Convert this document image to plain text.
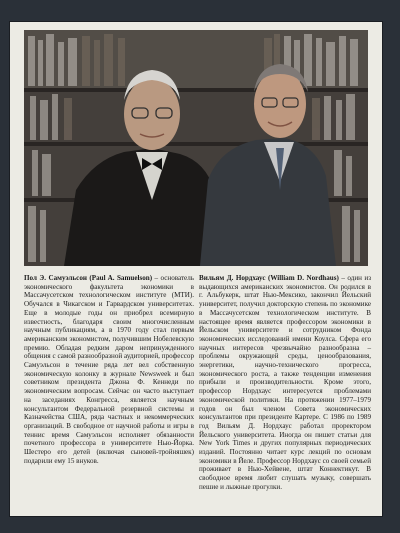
Пол Э. Самуэльсон (Paul A. Samuelson) – основатель экономического факультета экономики в Массачусетском технологическом институте (МТИ). Обучался в Чикагском и Гарвардском университетах. Еще в молодые годы он приобрел всемирную известность, благодаря своим многочисленным научным публикациям, а в 1970 году стал первым американским экономистом, получившим Нобелевскую премию. Обладая редким даром непринужденного общения с самой разнообразной аудиторией, профессор Самуэльсон в течение ряда лет вел собственную экономическую колонку в журнале Newsweek и был советником президента Джона Ф. Кеннеди по экономическим вопросам. Сейчас он часто выступает на заседаниях Конгресса, является научным консультантом Федеральной резервной системы и Казначейства США, ряда частных и некоммерческих организаций. В свободное от научной работы и игры в теннис время Самуэльсон исполняет обязанности почетного профессора в университете Нью-Йорка. Шестеро его детей (включая сыновей-тройняшек) подарили ему 15 внуков.

Вильям Д. Нордхаус (William D. Nordhaus) – один из выдающихся американских экономистов. Он родился в г. Альбукерк, штат Нью-Мексико, закончил Йельский университет, получил докторскую степень по экономике в Массачусетском технологическом институте. В настоящее время является профессором экономики в Йельском университете и сотрудником Фонда экономических исследований имени Коулса. Сфера его научных интересов чрезвычайно разнообразна – проблемы окружающей среды, ценообразования, энергетики, научно-технического прогресса, экономического роста, а также тенденции изменения прибыли и производительности. Кроме этого, профессор Нордхаус интересуется проблемами экономической политики. На протяжении 1977–1979 годов он был членом Совета экономических консультантов при президенте Картере. С 1986 по 1989 год Вильям Д. Нордхаус работал проректором Йельского университета. Иногда он пишет статьи для New York Times и других популярных периодических изданий. Постоянно читает курс лекций по основам экономики в Йеле. Профессор Нордхаус со своей семьей проживает в Нью-Хейвене, штат Коннектикут. В свободное время любит слушать музыку, совершать пешие и лыжные прогулки.
